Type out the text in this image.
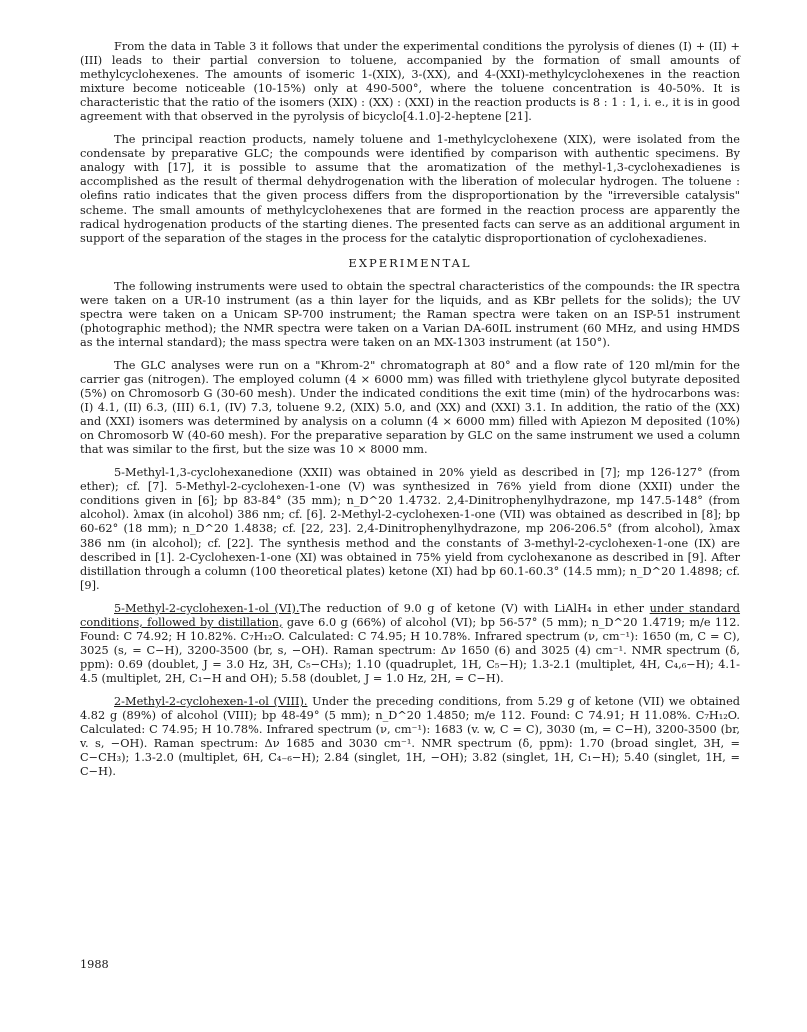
From the data in Table 3 it follows that under the experimental conditions the pyrolysis of dienes (I) + (II) + (III) leads to their partial conversion to toluene, accompanied by the formation of small amounts of methylcyclohexenes. The amounts of isomeric 1-(XIX), 3-(XX), and 4-(XXI)-methylcyclohexenes in the reaction mixture become noticeable (10-15%) only at 490-500°, where the toluene concentration is 40-50%. It is characteristic that the ratio of the isomers (XIX) : (XX) : (XXI) in the reaction products is 8 : 1 : 1, i. e., it is in good agreement with that observed in the pyrolysis of bicyclo[4.1.0]-2-heptene [21].

The principal reaction products, namely toluene and 1-methylcyclohexene (XIX), were isolated from the condensate by preparative GLC; the compounds were identified by comparison with authentic specimens. By analogy with [17], it is possible to assume that the aromatization of the methyl-1,3-cyclohexadienes is accomplished as the result of thermal dehydrogenation with the liberation of molecular hydrogen. The toluene : olefins ratio indicates that the given process differs from the disproportionation by the "irreversible catalysis" scheme. The small amounts of methylcyclohexenes that are formed in the reaction process are apparently the radical hydrogenation products of the starting dienes. The presented facts can serve as an additional argument in support of the separation of the stages in the process for the catalytic disproportionation of cyclohexadienes.

EXPERIMENTAL

The following instruments were used to obtain the spectral characteristics of the compounds: the IR spectra were taken on a UR-10 instrument (as a thin layer for the liquids, and as KBr pellets for the solids); the UV spectra were taken on a Unicam SP-700 instrument; the Raman spectra were taken on an ISP-51 instrument (photographic method); the NMR spectra were taken on a Varian DA-60IL instrument (60 MHz, and using HMDS as the internal standard); the mass spectra were taken on an MX-1303 instrument (at 150°).

The GLC analyses were run on a "Khrom-2" chromatograph at 80° and a flow rate of 120 ml/min for the carrier gas (nitrogen). The employed column (4 × 6000 mm) was filled with triethylene glycol butyrate deposited (5%) on Chromosorb G (30-60 mesh). Under the indicated conditions the exit time (min) of the hydrocarbons was: (I) 4.1, (II) 6.3, (III) 6.1, (IV) 7.3, toluene 9.2, (XIX) 5.0, and (XX) and (XXI) 3.1. In addition, the ratio of the (XX) and (XXI) isomers was determined by analysis on a column (4 × 6000 mm) filled with Apiezon M deposited (10%) on Chromosorb W (40-60 mesh). For the preparative separation by GLC on the same instrument we used a column that was similar to the first, but the size was 10 × 8000 mm.

5-Methyl-1,3-cyclohexanedione (XXII) was obtained in 20% yield as described in [7]; mp 126-127° (from ether); cf. [7]. 5-Methyl-2-cyclohexen-1-one (V) was synthesized in 76% yield from dione (XXII) under the conditions given in [6]; bp 83-84° (35 mm); n_D^20 1.4732. 2,4-Dinitrophenylhydrazone, mp 147.5-148° (from alcohol). λmax (in alcohol) 386 nm; cf. [6]. 2-Methyl-2-cyclohexen-1-one (VII) was obtained as described in [8]; bp 60-62° (18 mm); n_D^20 1.4838; cf. [22, 23]. 2,4-Dinitrophenylhydrazone, mp 206-206.5° (from alcohol), λmax 386 nm (in alcohol); cf. [22]. The synthesis method and the constants of 3-methyl-2-cyclohexen-1-one (IX) are described in [1]. 2-Cyclohexen-1-one (XI) was obtained in 75% yield from cyclohexanone as described in [9]. After distillation through a column (100 theoretical plates) ketone (XI) had bp 60.1-60.3° (14.5 mm); n_D^20 1.4898; cf. [9].

5-Methyl-2-cyclohexen-1-ol (VI).The reduction of 9.0 g of ketone (V) with LiAlH₄ in ether under standard conditions, followed by distillation, gave 6.0 g (66%) of alcohol (VI); bp 56-57° (5 mm); n_D^20 1.4719; m/e 112. Found: C 74.92; H 10.82%. C₇H₁₂O. Calculated: C 74.95; H 10.78%. Infrared spectrum (ν, cm⁻¹): 1650 (m, C = C), 3025 (s, = C−H), 3200-3500 (br, s, −OH). Raman spectrum: Δν 1650 (6) and 3025 (4) cm⁻¹. NMR spectrum (δ, ppm): 0.69 (doublet, J = 3.0 Hz, 3H, C₅−CH₃); 1.10 (quadruplet, 1H, C₅−H); 1.3-2.1 (multiplet, 4H, C₄,₆−H); 4.1-4.5 (multiplet, 2H, C₁−H and OH); 5.58 (doublet, J = 1.0 Hz, 2H, = C−H).

2-Methyl-2-cyclohexen-1-ol (VIII). Under the preceding conditions, from 5.29 g of ketone (VII) we obtained 4.82 g (89%) of alcohol (VIII); bp 48-49° (5 mm); n_D^20 1.4850; m/e 112. Found: C 74.91; H 11.08%. C₇H₁₂O. Calculated: C 74.95; H 10.78%. Infrared spectrum (ν, cm⁻¹): 1683 (v. w, C = C), 3030 (m, = C−H), 3200-3500 (br, v. s, −OH). Raman spectrum: Δν 1685 and 3030 cm⁻¹. NMR spectrum (δ, ppm): 1.70 (broad singlet, 3H, = C−CH₃); 1.3-2.0 (multiplet, 6H, C₄₋₆−H); 2.84 (singlet, 1H, −OH); 3.82 (singlet, 1H, C₁−H); 5.40 (singlet, 1H, = C−H).

1988
